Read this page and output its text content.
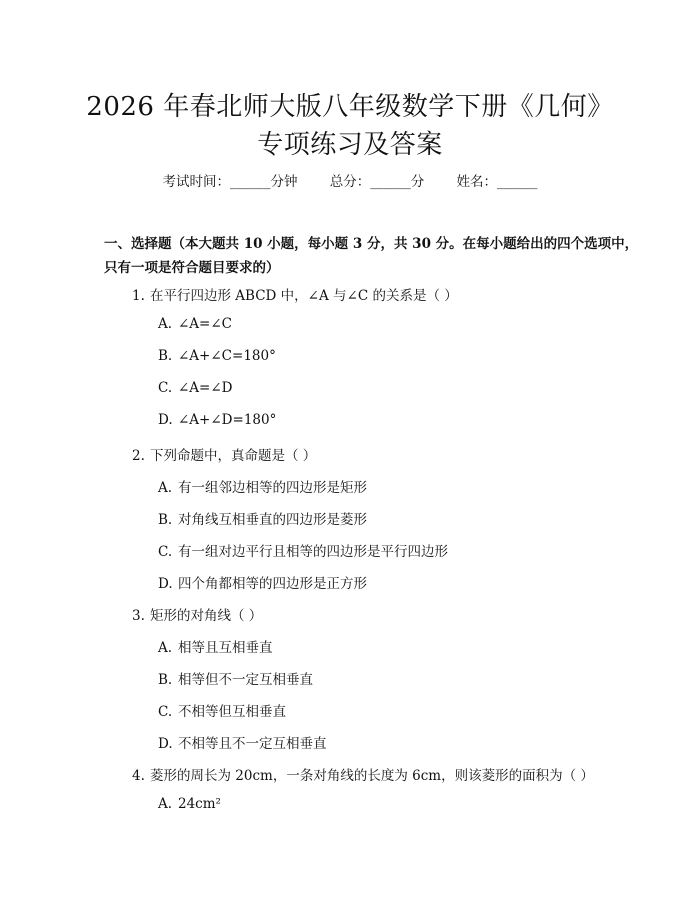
2026 年春北师大版八年级数学下册《几何》
专项练习及答案
考试时间：______分钟 总分：______分 姓名：______
一、选择题（本大题共 10 小题，每小题 3 分，共 30 分。在每小题给出的四个选项中，只有一项是符合题目要求的）
1. 在平行四边形 ABCD 中，∠A 与∠C 的关系是（ ）
A. ∠A=∠C
B. ∠A+∠C=180°
C. ∠A=∠D
D. ∠A+∠D=180°
2. 下列命题中，真命题是（ ）
A. 有一组邻边相等的四边形是矩形
B. 对角线互相垂直的四边形是菱形
C. 有一组对边平行且相等的四边形是平行四边形
D. 四个角都相等的四边形是正方形
3. 矩形的对角线（ ）
A. 相等且互相垂直
B. 相等但不一定互相垂直
C. 不相等但互相垂直
D. 不相等且不一定互相垂直
4. 菱形的周长为 20cm，一条对角线的长度为 6cm，则该菱形的面积为（ ）
A. 24cm²
